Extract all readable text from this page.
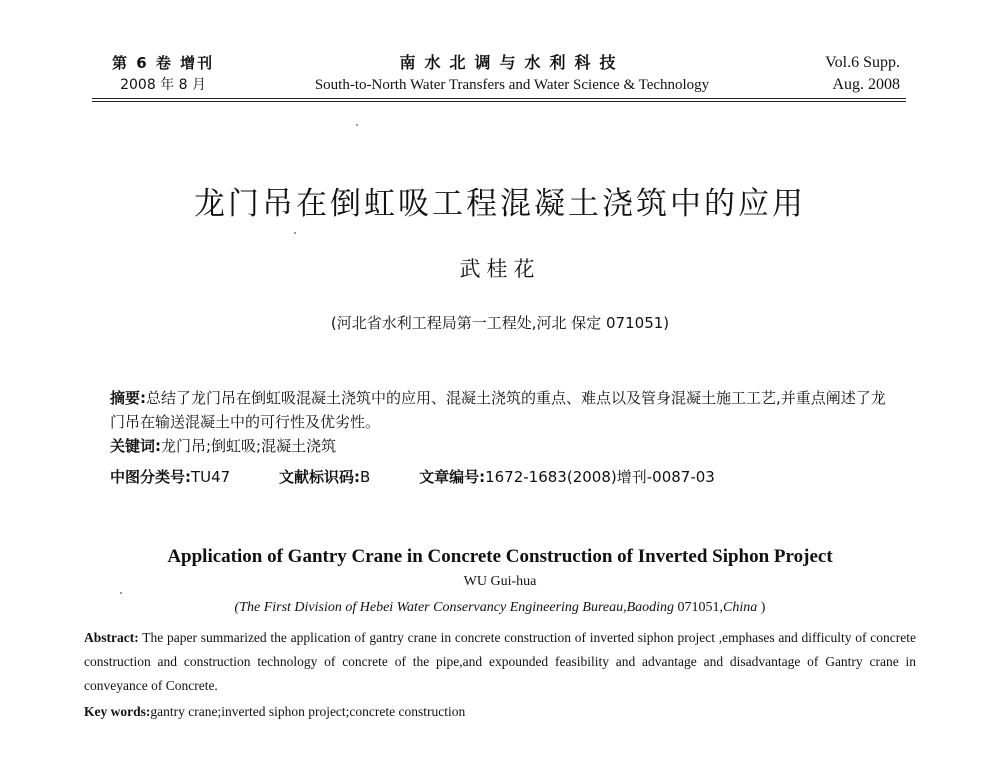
第 6 卷 增刊
2008 年 8 月
南水北调与水利科技
South-to-North Water Transfers and Water Science & Technology
Vol.6 Supp.
Aug. 2008
龙门吊在倒虹吸工程混凝土浇筑中的应用
武桂花
(河北省水利工程局第一工程处,河北 保定 071051)
摘要:总结了龙门吊在倒虹吸混凝土浇筑中的应用、混凝土浇筑的重点、难点以及管身混凝土施工工艺,并重点阐述了龙门吊在输送混凝土中的可行性及优劣性。
关键词:龙门吊;倒虹吸;混凝土浇筑
中图分类号:TU47	文献标识码:B	文章编号:1672-1683(2008)增刊-0087-03
Application of Gantry Crane in Concrete Construction of Inverted Siphon Project
WU Gui-hua
(The First Division of Hebei Water Conservancy Engineering Bureau,Baoding 071051,China )
Abstract: The paper summarized the application of gantry crane in concrete construction of inverted siphon project ,emphases and difficulty of concrete construction and construction technology of concrete of the pipe,and expounded feasibility and advantage and disadvantage of Gantry crane in conveyance of Concrete.
Key words:gantry crane;inverted siphon project;concrete construction
